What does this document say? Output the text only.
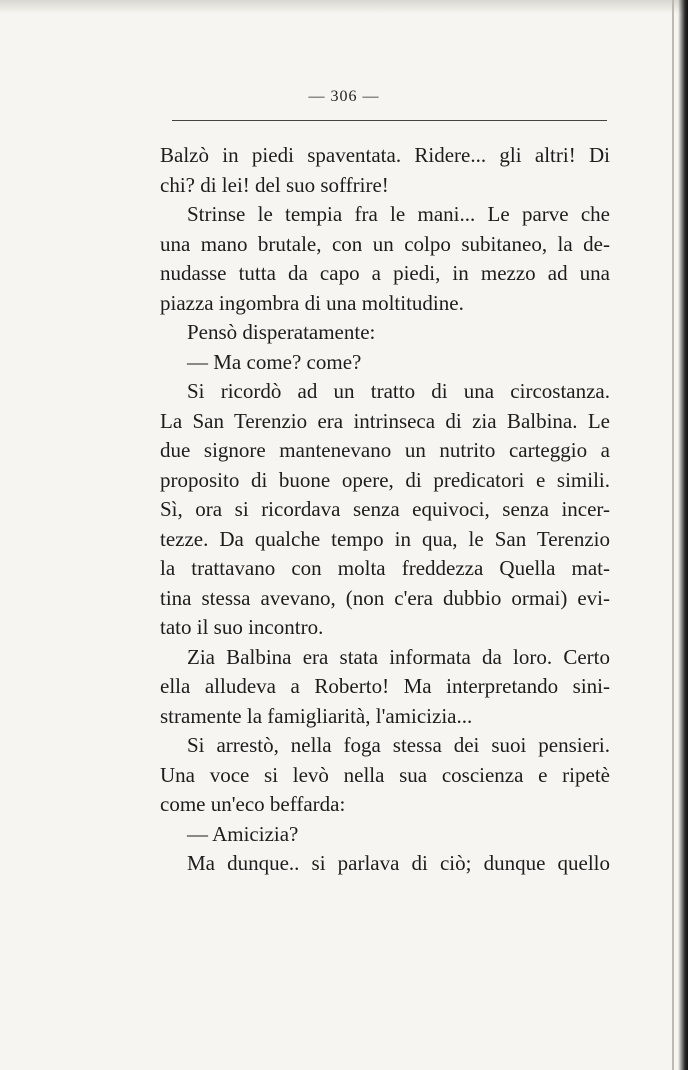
— 306 —
Balzò in piedi spaventata. Ridere... gli altri! Di
chi? di lei! del suo soffrire!
Strinse le tempia fra le mani... Le parve che
una mano brutale, con un colpo subitaneo, la de-
nudasse tutta da capo a piedi, in mezzo ad una
piazza ingombra di una moltitudine.
Pensò disperatamente:
— Ma come? come?
Si ricordò ad un tratto di una circostanza.
La San Terenzio era intrinseca di zia Balbina. Le
due signore mantenevano un nutrito carteggio a
proposito di buone opere, di predicatori e simili.
Sì, ora si ricordava senza equivoci, senza incer-
tezze. Da qualche tempo in qua, le San Terenzio
la trattavano con molta freddezza Quella mat-
tina stessa avevano, (non c'era dubbio ormai) evi-
tato il suo incontro.
Zia Balbina era stata informata da loro. Certo
ella alludeva a Roberto! Ma interpretando sini-
stramente la famigliarità, l'amicizia...
Si arrestò, nella foga stessa dei suoi pensieri.
Una voce si levò nella sua coscienza e ripetè
come un'eco beffarda:
— Amicizia?
Ma dunque.. si parlava di ciò; dunque quello
